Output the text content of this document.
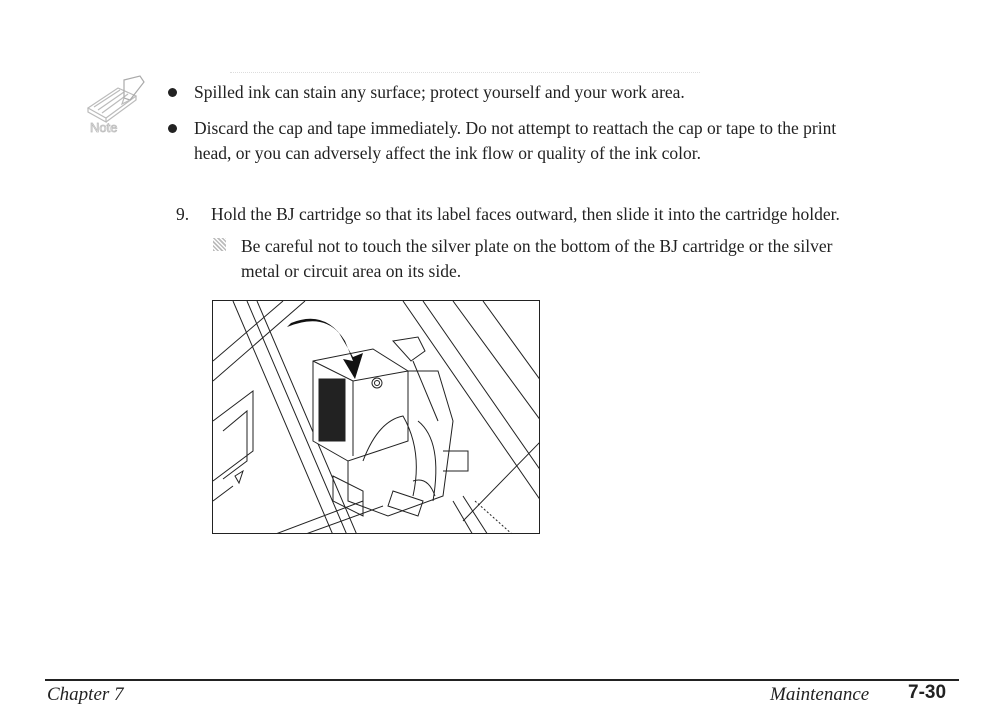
Note
Spilled ink can stain any surface; protect yourself and your work area.
Discard the cap and tape immediately. Do not attempt to reattach the cap or tape to the print
head, or you can adversely affect the ink flow or quality of the ink color.
9. Hold the BJ cartridge so that its label faces outward, then slide it into the cartridge holder.
Be careful not to touch the silver plate on the bottom of the BJ cartridge or the silver
metal or circuit area on its side.
Chapter 7	Maintenance 7-30
